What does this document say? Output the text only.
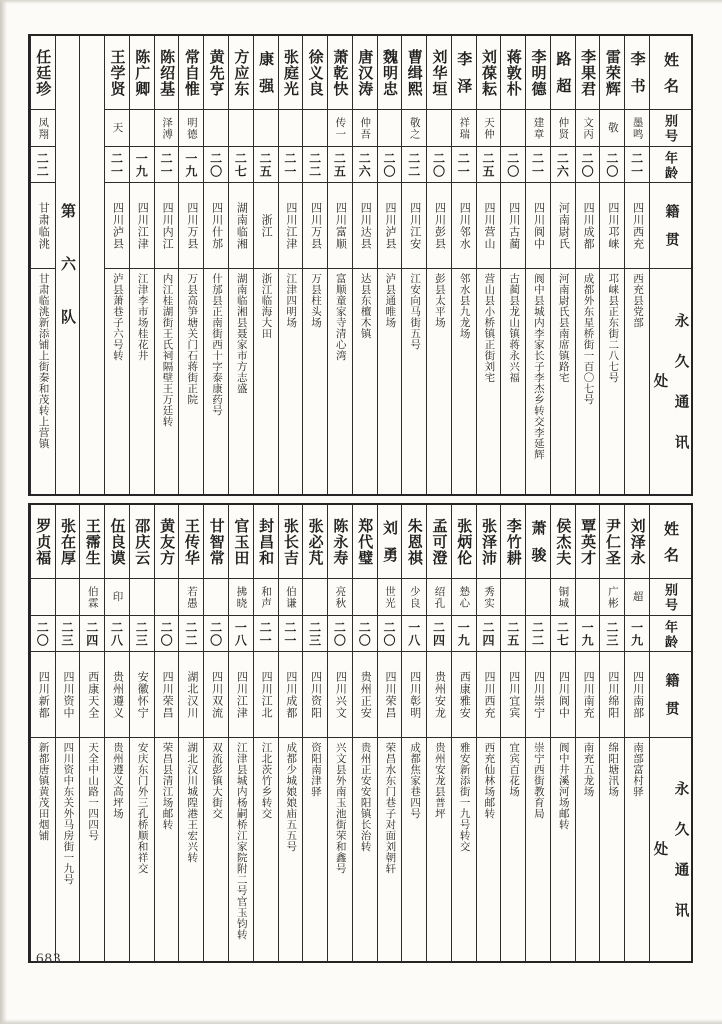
姓名
别号
年龄
籍贯
永久通讯处
李书
墨鸣
二一
四川西充
西充县党部
雷荣辉
敬
二〇
四川邛崃
邛崃县正东街二八七号
李果君
文丙
二〇
四川成都
成都外东星桥街一百〇七号
路超
仲贤
二六
河南尉氏
河南尉氏县南席镇路宅
李明德
建章
二一
四川阆中
阆中县城内李家长子李杰乡转交李延辉
蒋敦朴
二〇
四川古蔺
古蔺县龙山镇蒋永兴福
刘葆耘
天仲
二五
四川营山
营山县小桥镇正街刘宅
李泽
祥瑞
二一
四川邻水
邻水县九龙场
刘华垣
二〇
四川彭县
彭县太平场
曹缉熙
敬之
二二
四川江安
江安向马街五号
魏明忠
二〇
四川泸县
泸县通唯场
唐汉涛
仲吾
二六
四川达县
达县东檀木镇
萧乾快
传一
二五
四川富顺
富顺童家寺清心湾
徐义良
二二
四川万县
万县柱头场
张庭光
二一
四川江津
江津四明场
康强
二五
浙江
浙江临海大田
方应东
二七
湖南临湘
湖南临湘县聂家市方志盛
黄先亨
二〇
四川什邡
什邡县正南街西十字泰康药号
常自惟
明德
一九
四川万县
万县高笋塘关门石蒋街正院
陈绍基
泽溥
二一
四川内江
内江桂湖街王氏祠隔壁王万廷转
陈广卿
一九
四川江津
江津李市场桂花井
王学贤
天
二一
四川泸县
泸县萧巷子六号转
第六队
任廷珍
凤翔
二二
甘肃临洮
甘肃临洮新添铺上街秦和茂转上营镇
姓名
别号
年龄
籍贯
永久通讯处
刘泽永
超
一九
四川南部
南部富村驿
尹仁圣
广彬
二三
四川绵阳
绵阳塘汛场
覃英才
一九
四川南充
南充五龙场
侯杰夫
铜城
二七
四川阆中
阆中井溪河场邮转
萧骏
二二
四川崇宁
崇宁西街教育局
李竹耕
二五
四川宜宾
宜宾百花场
张泽沛
秀实
二四
四川西充
西充仙林场邮转
张炳伦
慹心
一九
西康雅安
雅安新添街一九号转交
孟可澄
绍孔
二四
贵州安龙
贵州安龙县普坪
朱恩祺
少良
一八
四川彰明
成都焦家巷四号
刘勇
世光
二〇
四川荣昌
荣昌水东门巷子对面刘朝轩
郑代璧
二〇
贵州正安
贵州正安安阳镇长治转
陈永寿
亮秋
二〇
四川兴文
兴文县外南玉池街荣和鑫号
张必芃
二三
四川资阳
资阳南津驿
张长吉
伯谦
二一
四川成都
成都少城娘娘庙五五号
封昌和
和声
二一
四川江北
江北茨竹乡转交
官玉田
拂晓
一八
四川江津
江津县城内杨嗣桥江家院附二号官玉钧转
甘智常
二〇
四川双流
双流彭镇大街交
王传华
若愚
二二
湖北汉川
湖北汉川城隍港王宏兴转
黄友方
二〇
四川荣昌
荣昌县清江场邮转
邵庆云
二三
安徽怀宁
安庆东门外三孔桥顺和祥交
伍良谟
印
二八
贵州遵义
贵州遵义高坪场
王霈生
伯霖
二四
西康天全
天全中山路一四四号
张在厚
二三
四川资中
四川资中东关外马房街一九号
罗贞福
二〇
四川新都
新都唐镇黄茂田烟铺
683
